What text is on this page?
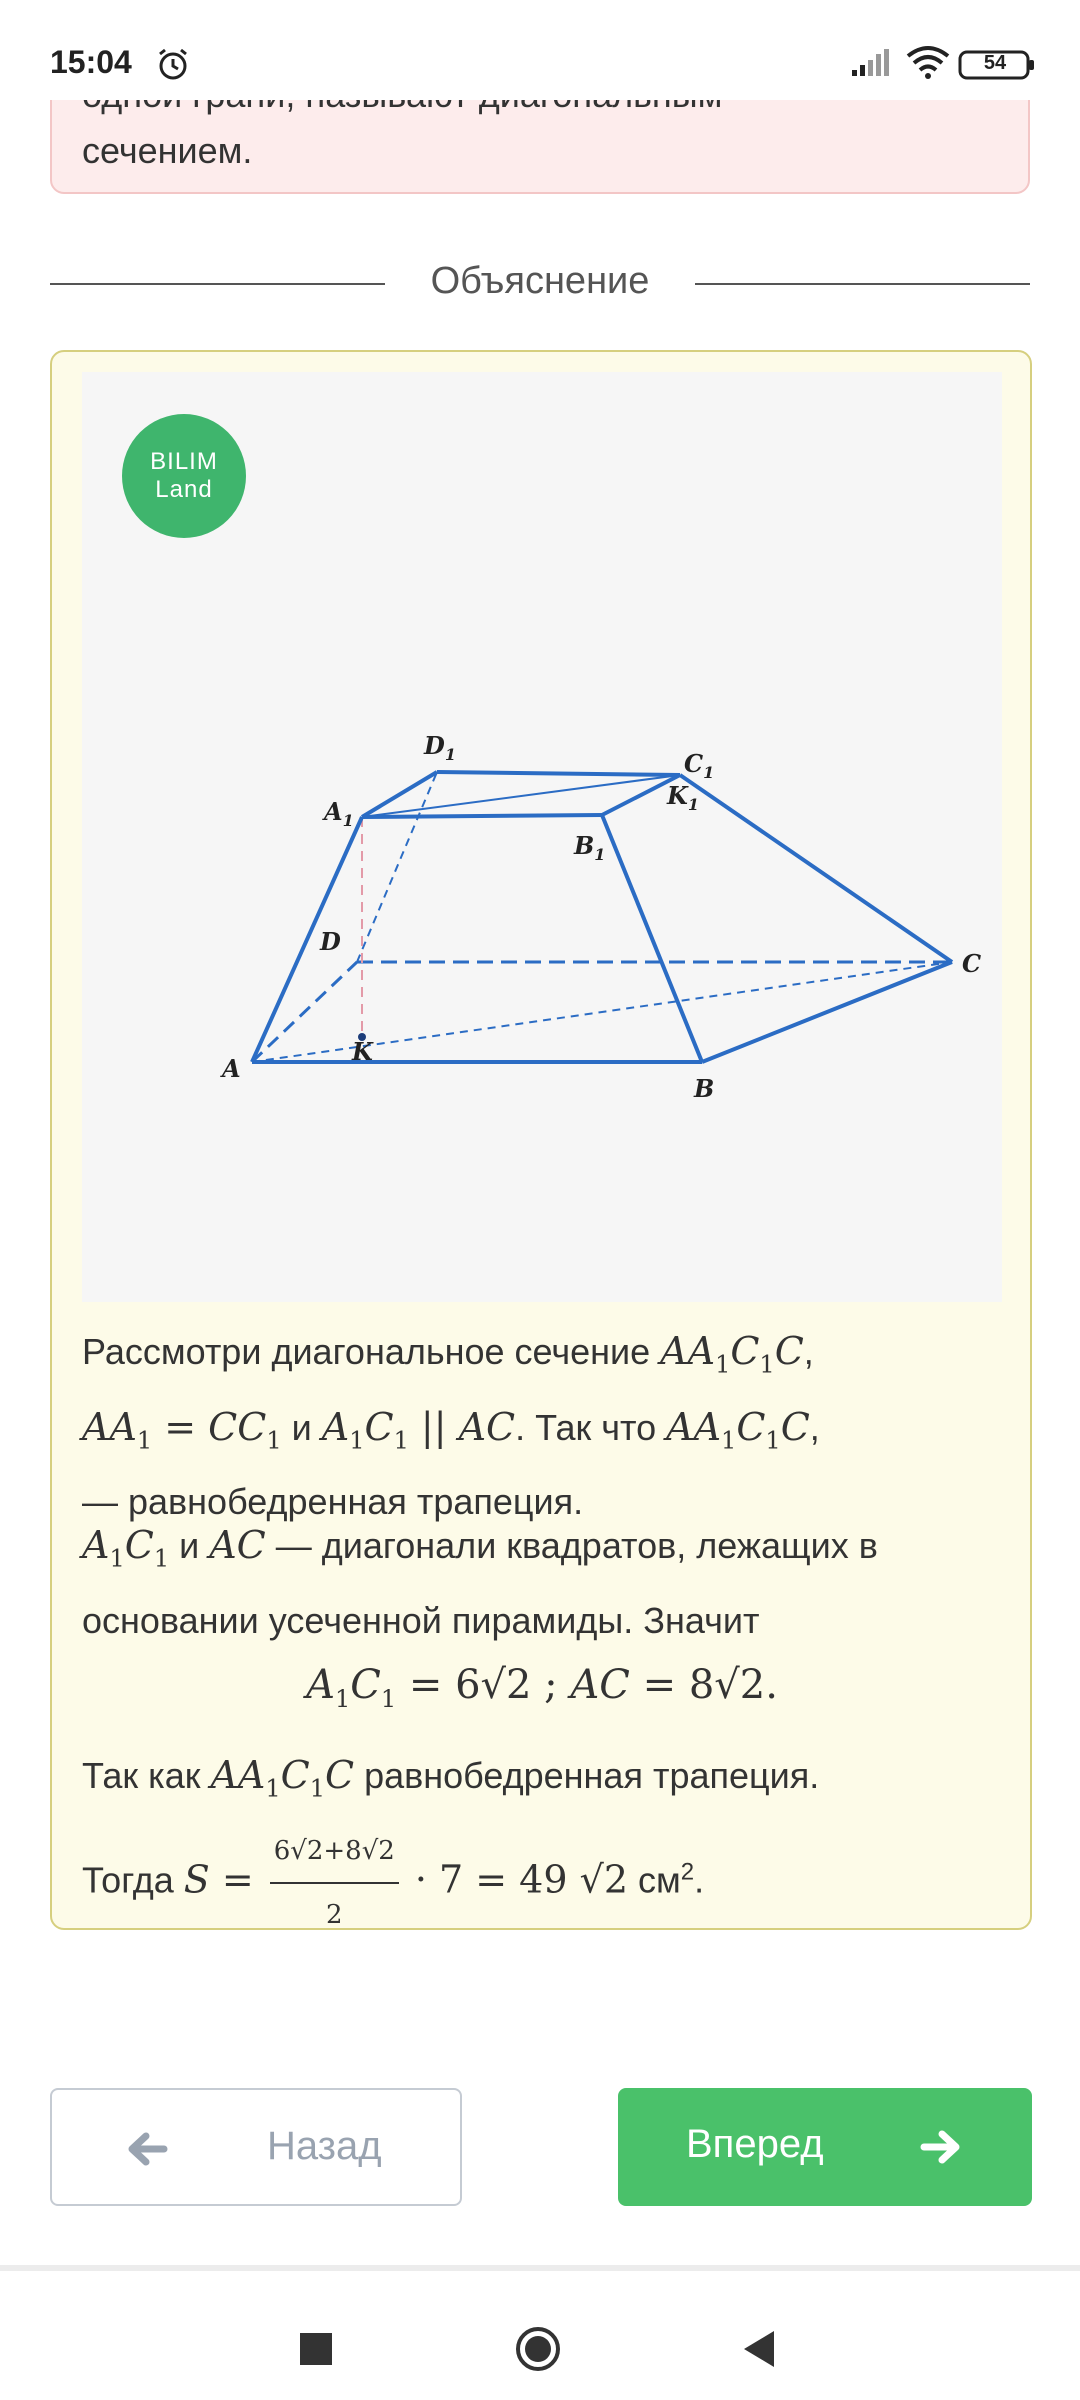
сечением.
15:04	54
Объяснение
A
B
C
D
K
$A_1$
$B_1$
$C_1$
$D_1$
$K_1$
BILIM
Land
Рассмотри диагональное сечение $AA_1C_1C$,
$AA_1 = CC_1$ и $A_1C_1$ || AC. Так что $AA_1C_1C$,
— равнобедренная трапеция.
$A_1C_1$ и AC — диагонали квадратов, лежащих в основании усеченной пирамиды. Значит
$A_1C_1 = 6√2$ ; AC = 8√2.
Так как $AA_1C_1C$ равнобедренная трапеция.
Тогда $S = \frac{6√2+8√2}{2} \cdot 7 = 49$ √2 $см^2$.
Назад	Вперед
